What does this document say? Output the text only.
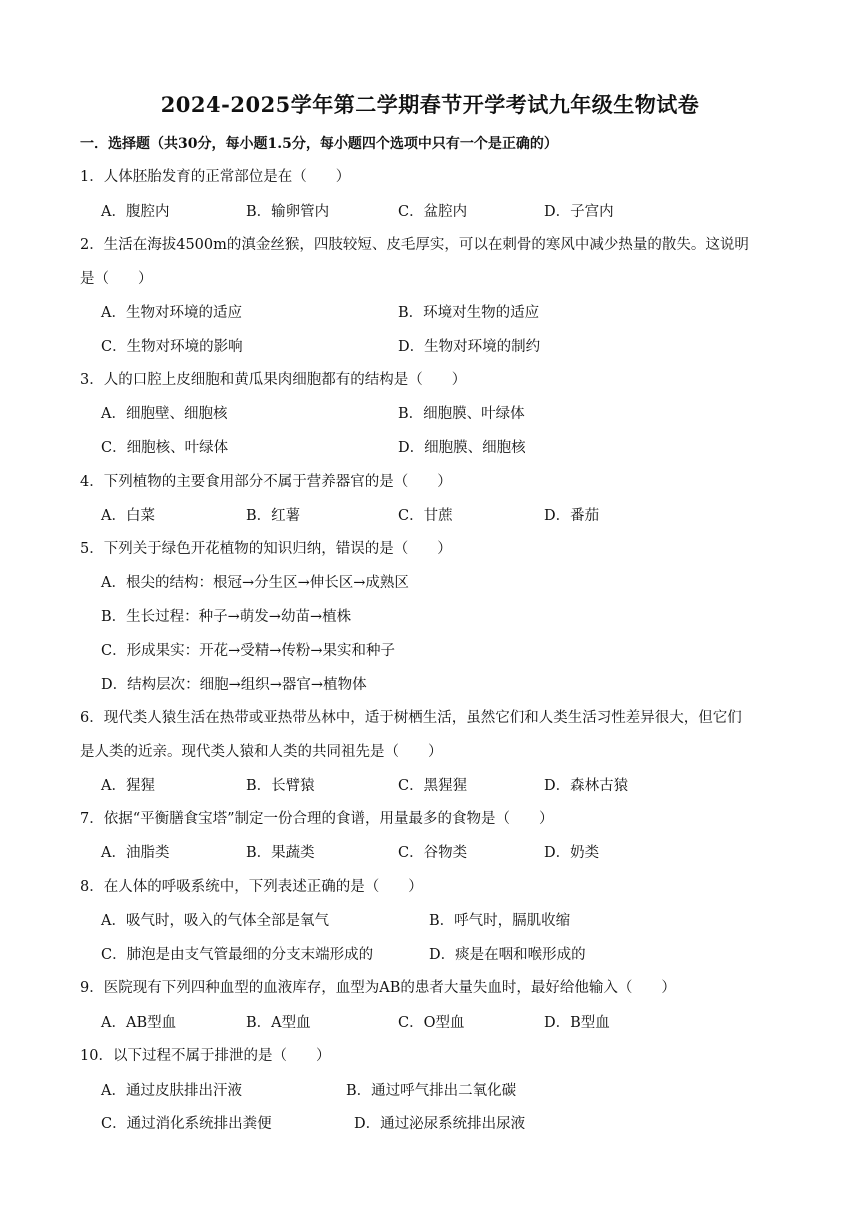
2024-2025学年第二学期春节开学考试九年级生物试卷
一．选择题（共30分，每小题1.5分，每小题四个选项中只有一个是正确的）
1．人体胚胎发育的正常部位是在（　　）
A．腹腔内	B．输卵管内	C．盆腔内	D．子宫内
2．生活在海拔4500m的滇金丝猴，四肢较短、皮毛厚实，可以在刺骨的寒风中减少热量的散失。这说明
是（　　）
A．生物对环境的适应	B．环境对生物的适应
C．生物对环境的影响	D．生物对环境的制约
3．人的口腔上皮细胞和黄瓜果肉细胞都有的结构是（　　）
A．细胞壁、细胞核	B．细胞膜、叶绿体
C．细胞核、叶绿体	D．细胞膜、细胞核
4．下列植物的主要食用部分不属于营养器官的是（　　）
A．白菜	B．红薯	C．甘蔗	D．番茄
5．下列关于绿色开花植物的知识归纳，错误的是（　　）
A．根尖的结构：根冠→分生区→伸长区→成熟区
B．生长过程：种子→萌发→幼苗→植株
C．形成果实：开花→受精→传粉→果实和种子
D．结构层次：细胞→组织→器官→植物体
6．现代类人猿生活在热带或亚热带丛林中，适于树栖生活，虽然它们和人类生活习性差异很大，但它们
是人类的近亲。现代类人猿和人类的共同祖先是（　　）
A．猩猩	B．长臂猿	C．黑猩猩	D．森林古猿
7．依据“平衡膳食宝塔”制定一份合理的食谱，用量最多的食物是（　　）
A．油脂类	B．果蔬类	C．谷物类	D．奶类
8．在人体的呼吸系统中，下列表述正确的是（　　）
A．吸气时，吸入的气体全部是氧气	B．呼气时，膈肌收缩
C．肺泡是由支气管最细的分支末端形成的	D．痰是在咽和喉形成的
9．医院现有下列四种血型的血液库存，血型为AB的患者大量失血时，最好给他输入（　　）
A．AB型血	B．A型血	C．O型血	D．B型血
10．以下过程不属于排泄的是（　　）
A．通过皮肤排出汗液	B．通过呼气排出二氧化碳
C．通过消化系统排出粪便	D．通过泌尿系统排出尿液
